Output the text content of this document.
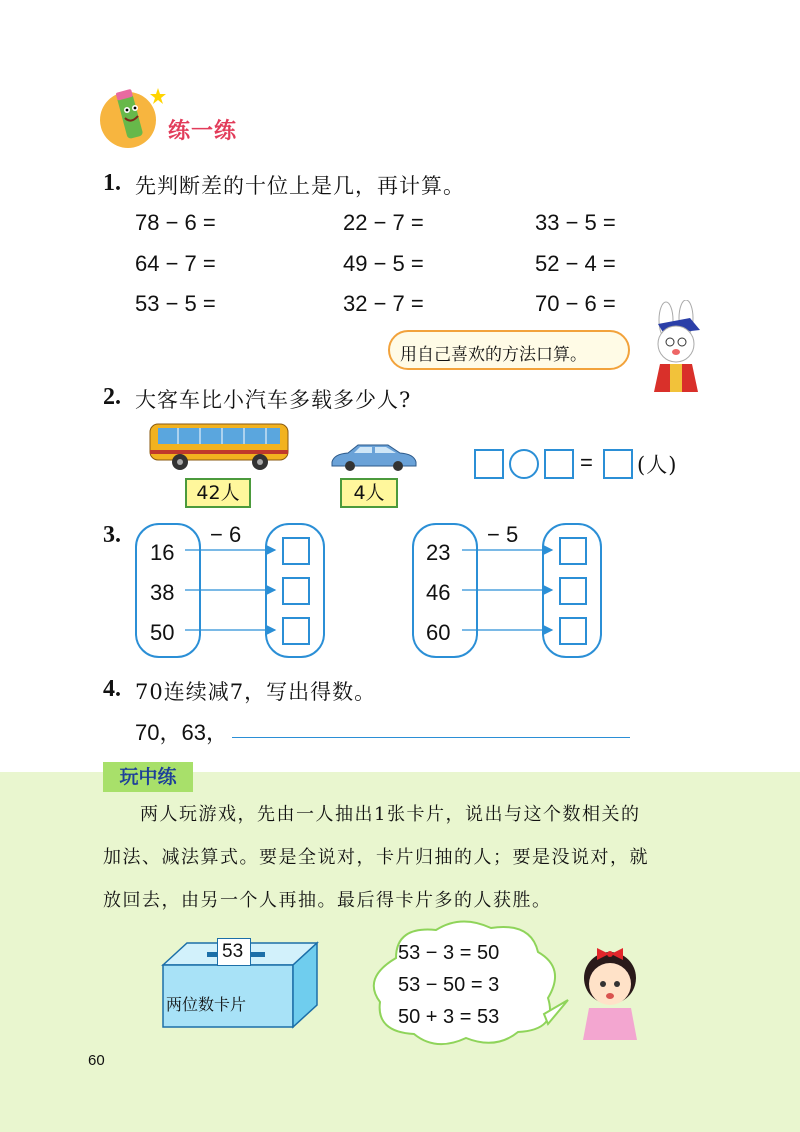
练一练
1. 先判断差的十位上是几，再计算。
78 − 6 =	22 − 7 =	33 − 5 =
64 − 7 =	49 − 5 =	52 − 4 =
53 − 5 =	32 − 7 =	70 − 6 =
用自己喜欢的方法口算。
2. 大客车比小汽车多载多少人?
42人	4人
= (人)
3.
16
38
50
− 6
23
46
60
− 5
4. 70连续减7，写出得数。
70，63，
玩中练
两人玩游戏，先由一人抽出1张卡片，说出与这个数相关的
加法、减法算式。要是全说对，卡片归抽的人；要是没说对，就
放回去，由另一个人再抽。最后得卡片多的人获胜。
53
两位数卡片
53 − 3 = 50
53 − 50 = 3
50 + 3 = 53
60
